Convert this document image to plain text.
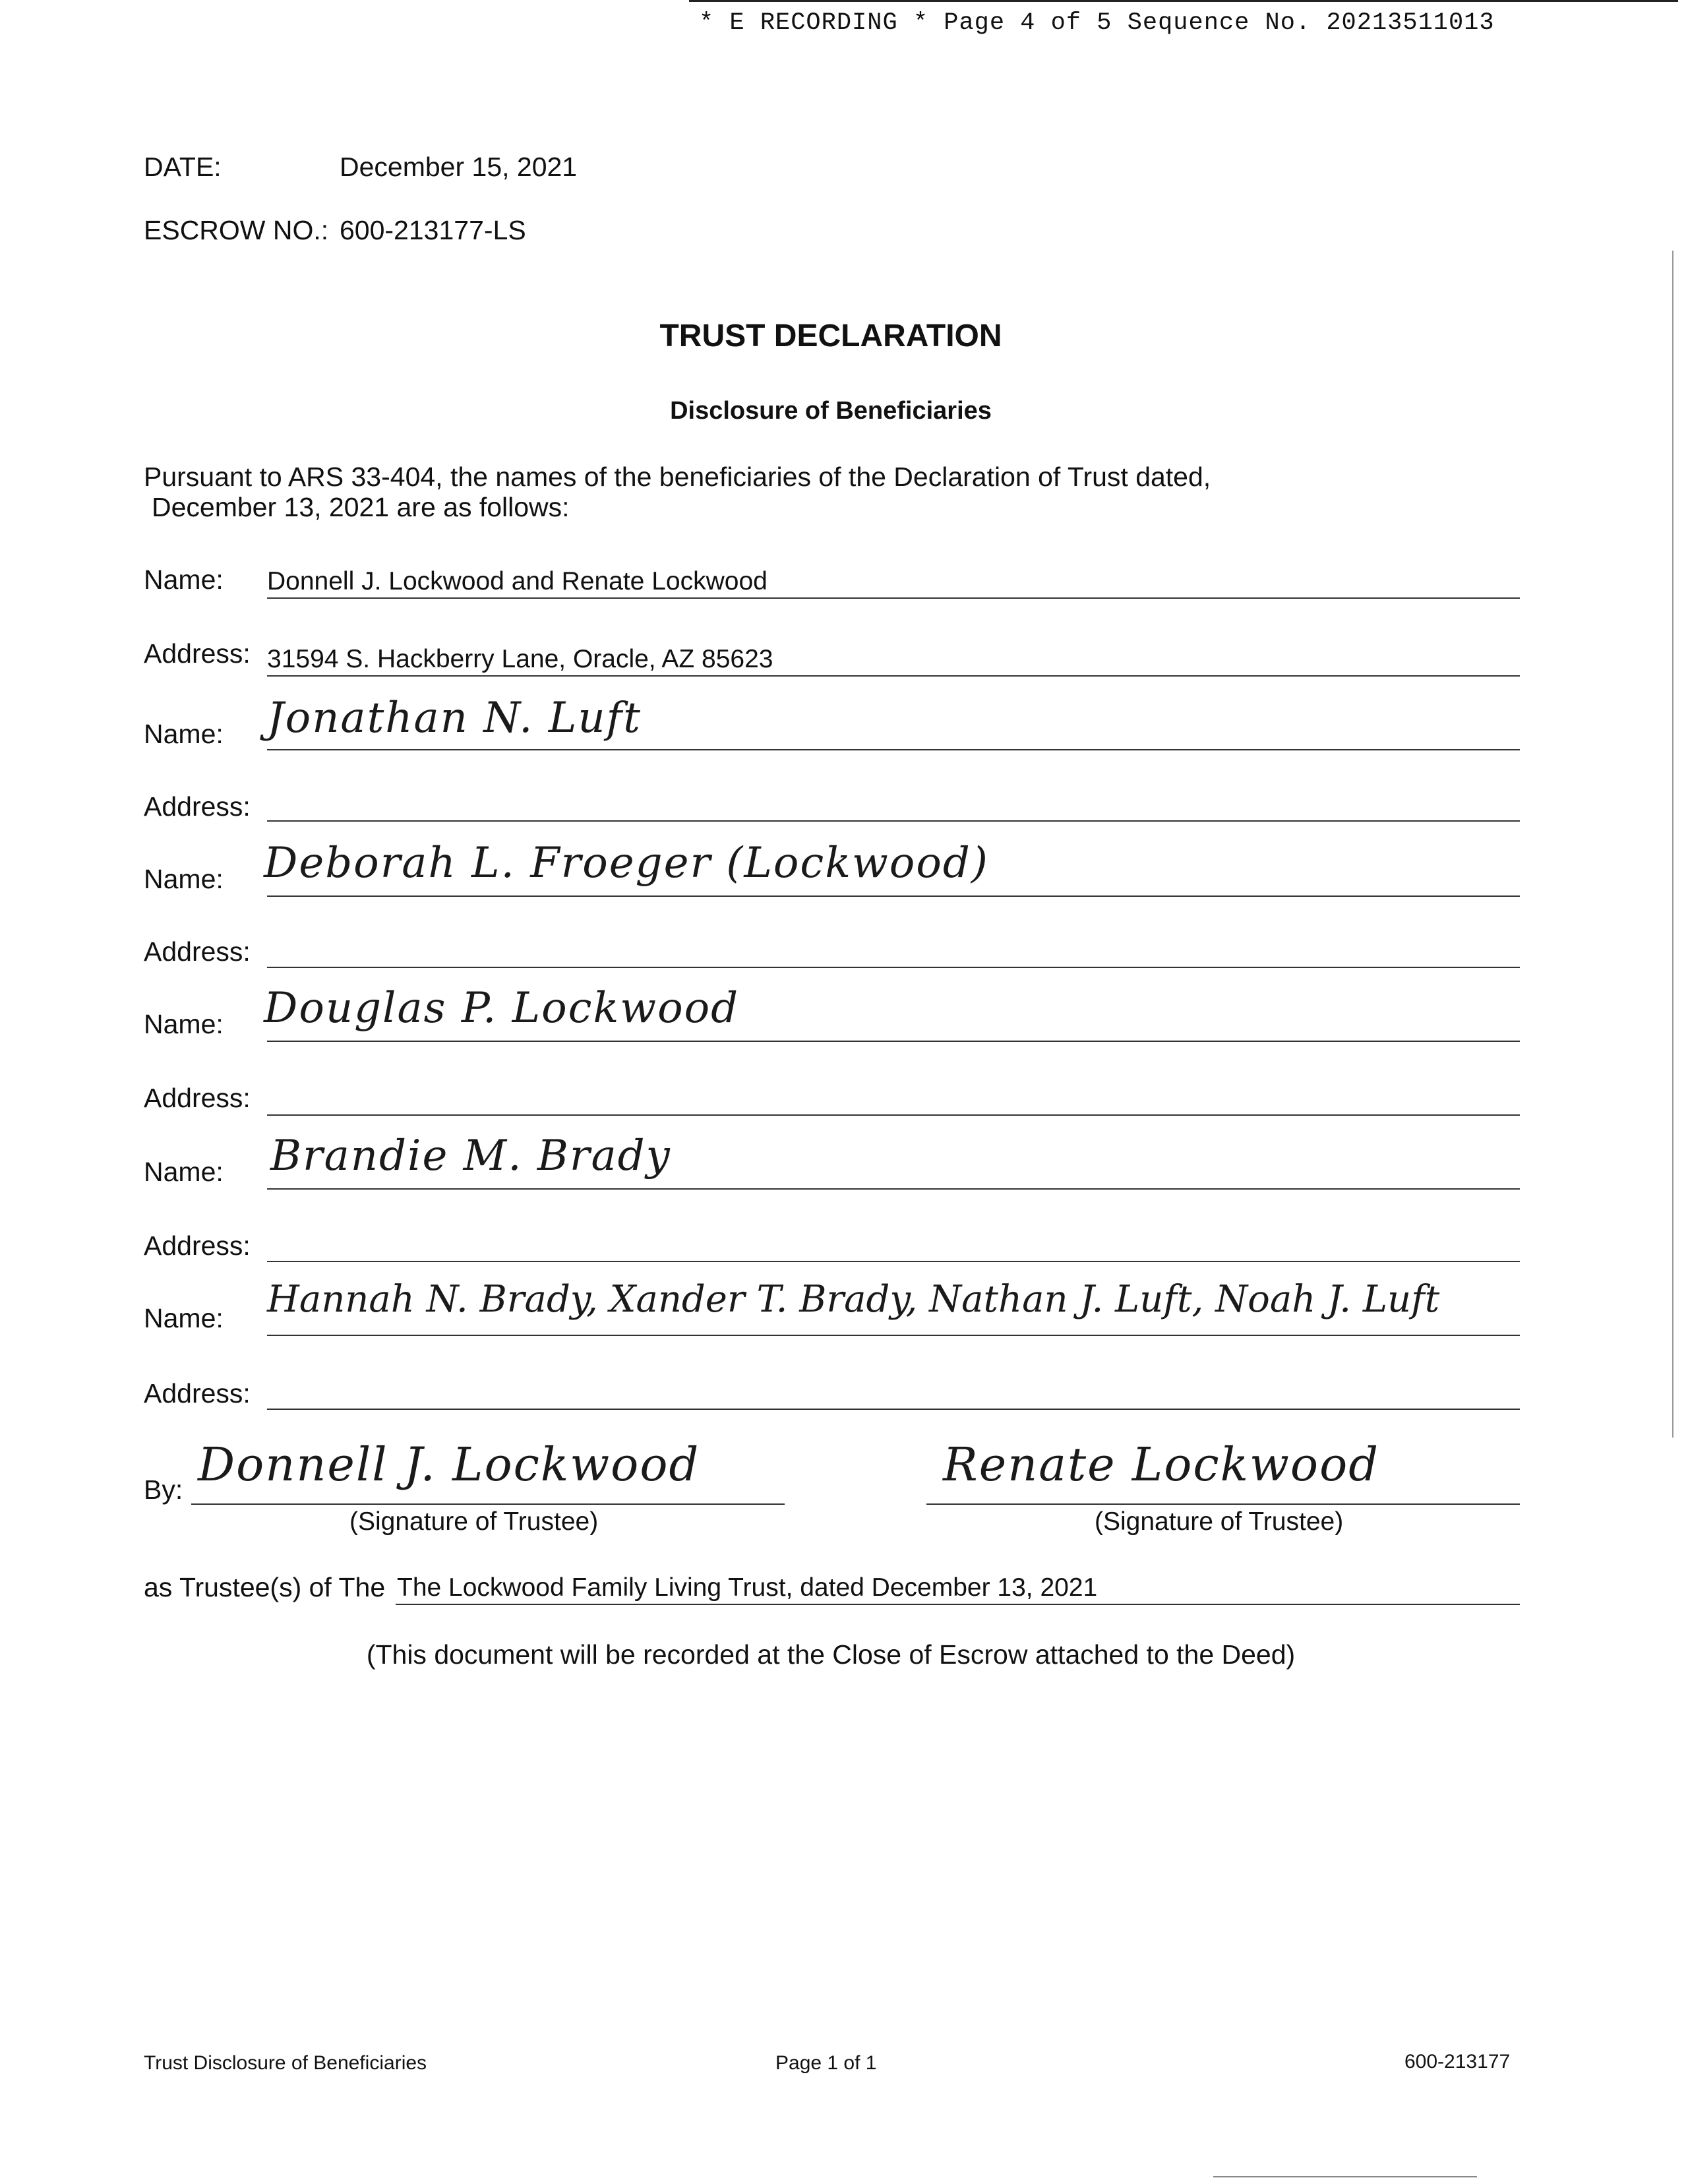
* E RECORDING * Page 4 of 5 Sequence No. 20213511013
DATE:	December 15, 2021
ESCROW NO.: 600-213177-LS
TRUST DECLARATION
Disclosure of Beneficiaries
Pursuant to ARS 33-404, the names of the beneficiaries of the Declaration of Trust dated,
December 13, 2021 are as follows:
Name: Donnell J. Lockwood and Renate Lockwood
Address: 31594 S. Hackberry Lane, Oracle, AZ 85623
Name: Jonathan N. Luft
Address:
Name: Deborah L. Froeger (Lockwood)
Address:
Name: Douglas P. Lockwood
Address:
Name: Brandie M. Brady
Address:
Name: Hannah N. Brady, Xander T. Brady, Nathan J. Luft, Noah J. Luft
Address:
By: Donnell J. Lockwood
(Signature of Trustee)
Renate Lockwood
(Signature of Trustee)
as Trustee(s) of The The Lockwood Family Living Trust, dated December 13, 2021
(This document will be recorded at the Close of Escrow attached to the Deed)
Trust Disclosure of Beneficiaries	Page 1 of 1	600-213177
